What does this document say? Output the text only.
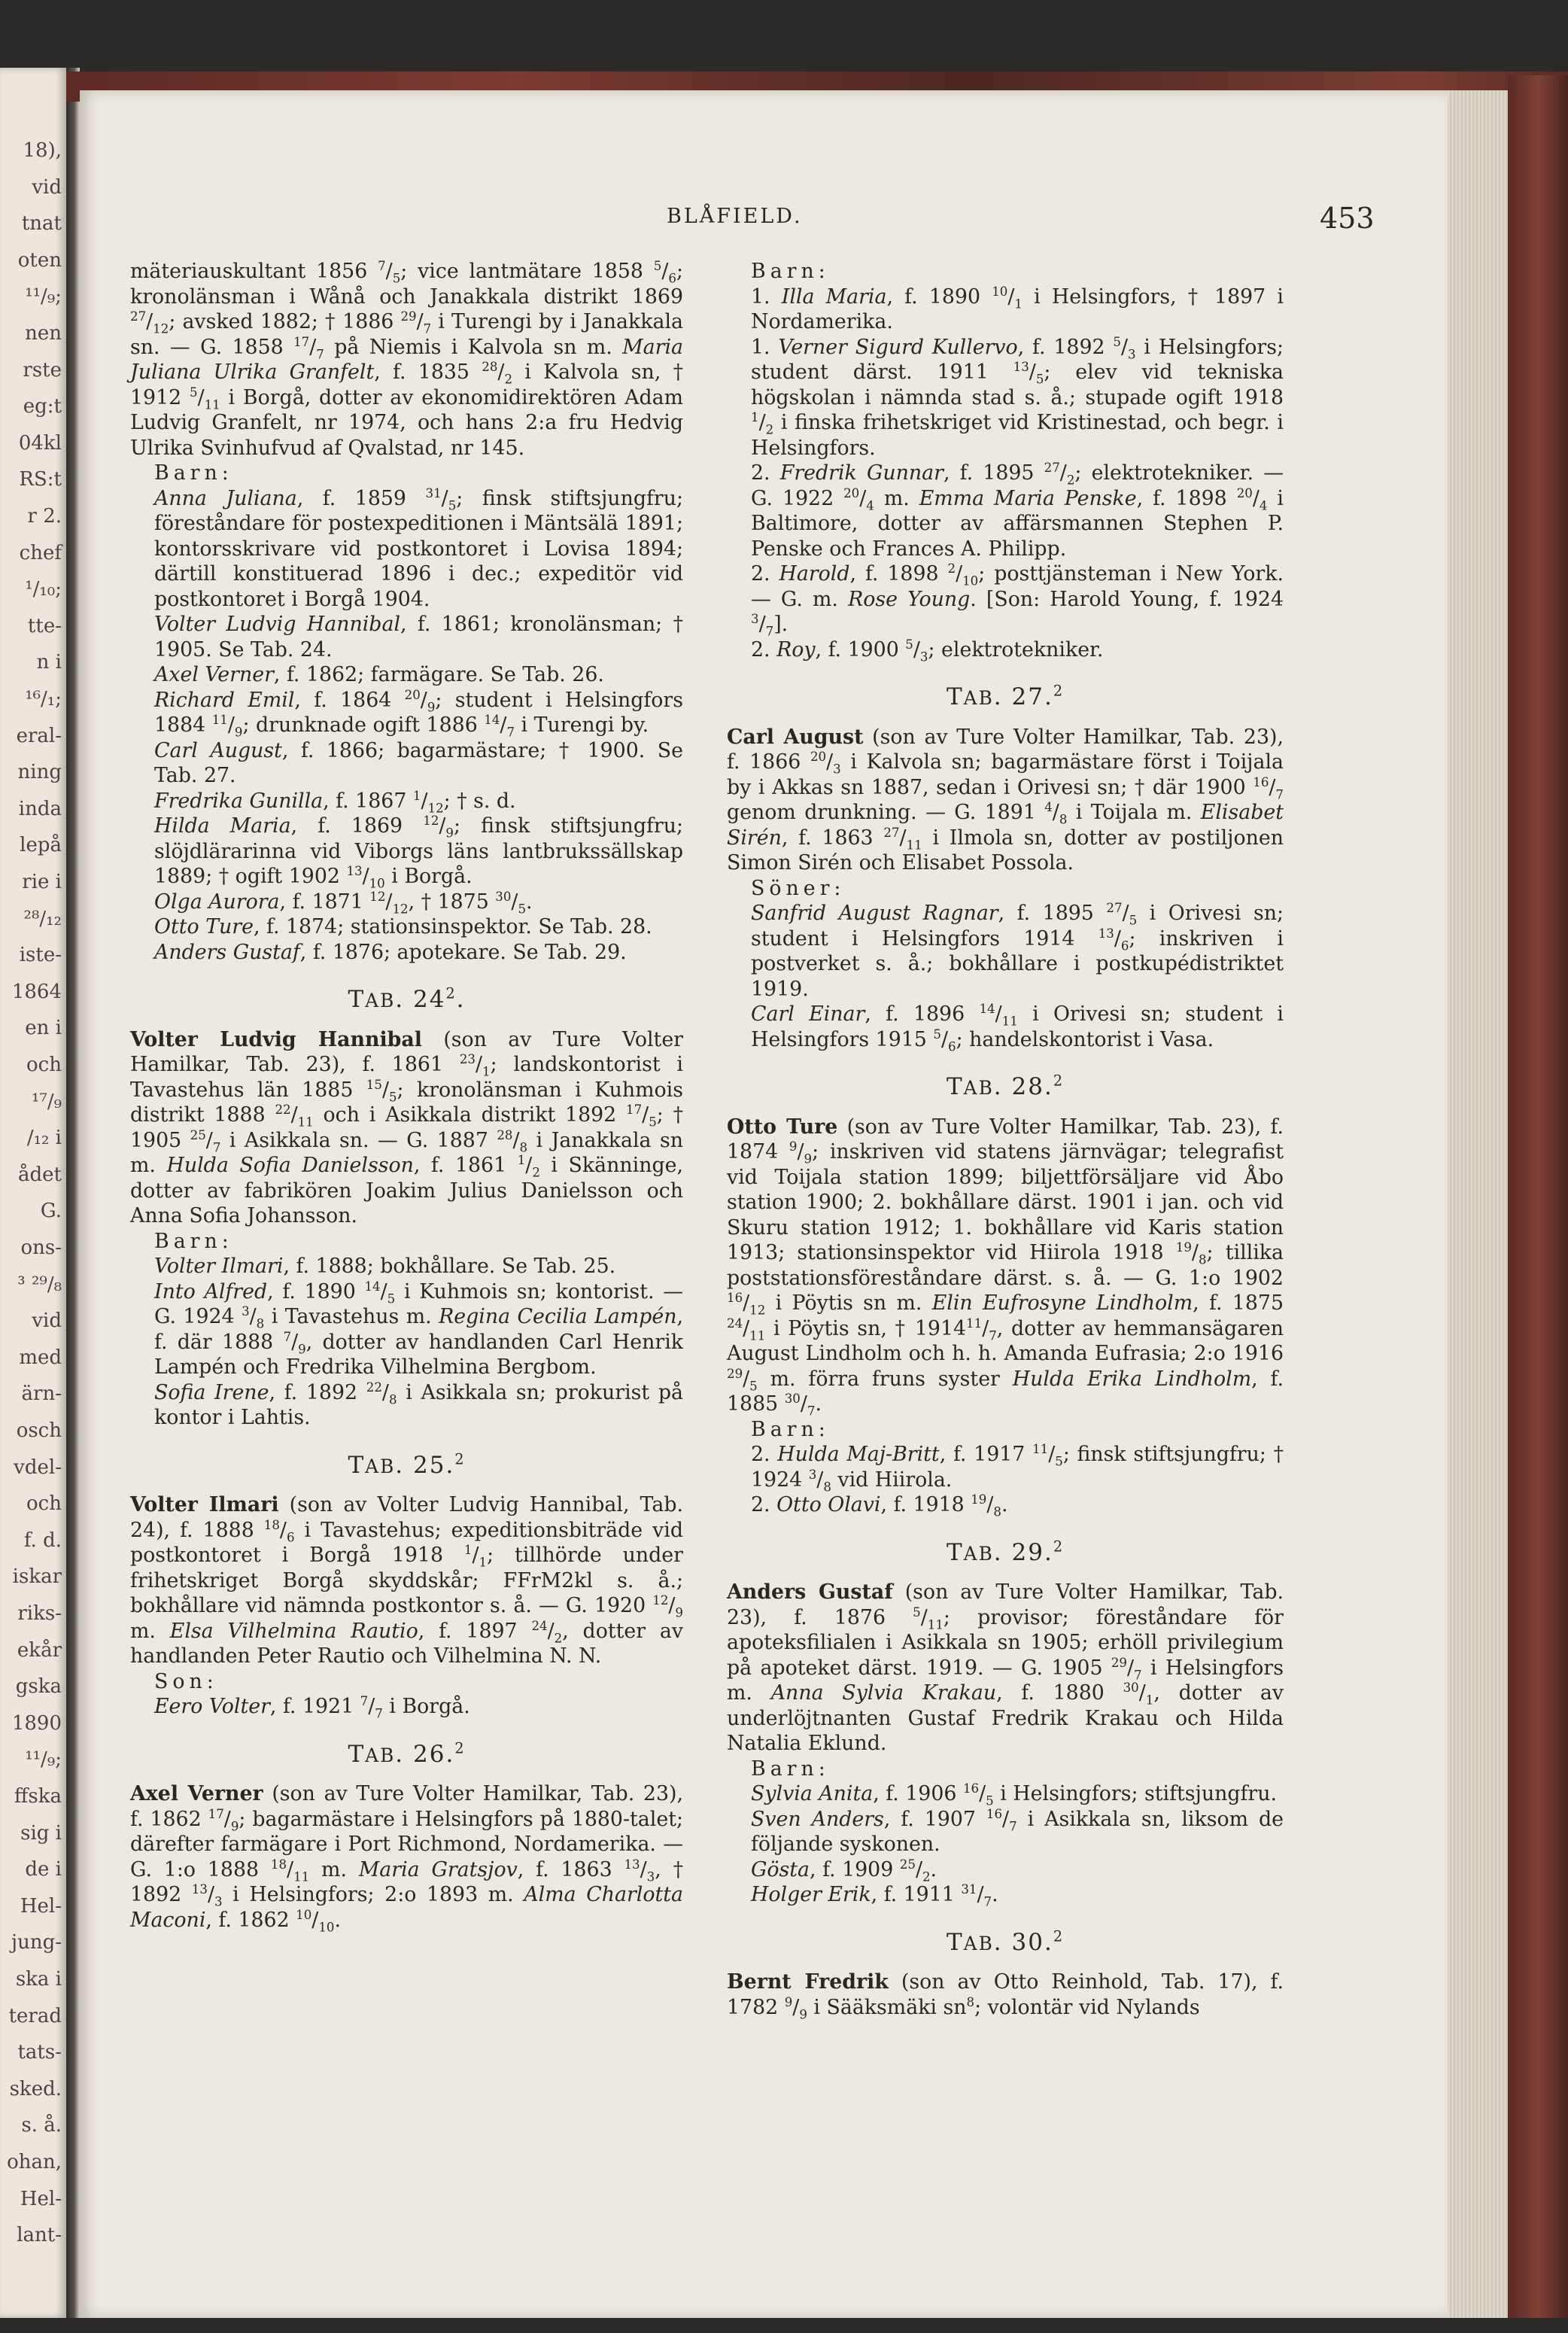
18),
vid
tnat
oten
¹¹/₉;
nen
rste
eg:t
04kl
RS:t
r 2.
chef
¹/₁₀;
tte-
n i
¹⁶/₁;
eral-
ning
inda
lepå
rie i
²⁸/₁₂
iste-
1864
en i
och
¹⁷/₉
/₁₂ i
ådet
G.
ons-
³ ²⁹/₈
vid
med
ärn-
osch
vdel-
och
f. d.
iskar
riks-
ekår
gska
1890
¹¹/₉;
ffska
sig i
de i
Hel-
jung-
ska i
terad
tats-
sked.
s. å.
ohan,
Hel-
lant-
BLÅFIELD.	453

mäteriauskultant 1856 $^7/_5$; vice lantmätare 1858 $^5/_6$; kronolänsman i Wånå och Janakkala distrikt 1869 $^{27}/_{12}$; avsked 1882; † 1886 $^{29}/_7$ i Turengi by i Janakkala sn. — G. 1858 $^{17}/_7$ på Niemis i Kalvola sn m. Maria Juliana Ulrika Granfelt, f. 1835 $^{28}/_2$ i Kalvola sn, † 1912 $^5/_{11}$ i Borgå, dotter av ekonomidirektören Adam Ludvig Granfelt, nr 1974, och hans 2:a fru Hedvig Ulrika Svinhufvud af Qvalstad, nr 145.

Barn:

Anna Juliana, f. 1859 $^{31}/_5$; finsk stiftsjungfru; föreståndare för postexpeditionen i Mäntsälä 1891; kontorsskrivare vid postkontoret i Lovisa 1894; därtill konstituerad 1896 i dec.; expeditör vid postkontoret i Borgå 1904.

Volter Ludvig Hannibal, f. 1861; kronolänsman; † 1905. Se Tab. 24.

Axel Verner, f. 1862; farmägare. Se Tab. 26.

Richard Emil, f. 1864 $^{20}/_9$; student i Helsingfors 1884 $^{11}/_9$; drunknade ogift 1886 $^{14}/_7$ i Turengi by.

Carl August, f. 1866; bagarmästare; † 1900. Se Tab. 27.

Fredrika Gunilla, f. 1867 $^1/_{12}$; † s. d.

Hilda Maria, f. 1869 $^{12}/_9$; finsk stiftsjungfru; slöjdlärarinna vid Viborgs läns lantbrukssällskap 1889; † ogift 1902 $^{13}/_{10}$ i Borgå.

Olga Aurora, f. 1871 $^{12}/_{12}$, † 1875 $^{30}/_5$.

Otto Ture, f. 1874; stationsinspektor. Se Tab. 28.

Anders Gustaf, f. 1876; apotekare. Se Tab. 29.

TAB. $24^2$.

Volter Ludvig Hannibal (son av Ture Volter Hamilkar, Tab. 23), f. 1861 $^{23}/_1$; landskontorist i Tavastehus län 1885 $^{15}/_5$; kronolänsman i Kuhmois distrikt 1888 $^{22}/_{11}$ och i Asikkala distrikt 1892 $^{17}/_5$; † 1905 $^{25}/_7$ i Asikkala sn. — G. 1887 $^{28}/_8$ i Janakkala sn m. Hulda Sofia Danielsson, f. 1861 $^1/_2$ i Skänninge, dotter av fabrikören Joakim Julius Danielsson och Anna Sofia Johansson.

Barn:

Volter Ilmari, f. 1888; bokhållare. Se Tab. 25.

Into Alfred, f. 1890 $^{14}/_5$ i Kuhmois sn; kontorist. — G. 1924 $^3/_8$ i Tavastehus m. Regina Cecilia Lampén, f. där 1888 $^7/_9$, dotter av handlanden Carl Henrik Lampén och Fredrika Vilhelmina Bergbom.

Sofia Irene, f. 1892 $^{22}/_8$ i Asikkala sn; prokurist på kontor i Lahtis.

TAB. 25.$^2$

Volter Ilmari (son av Volter Ludvig Hannibal, Tab. 24), f. 1888 $^{18}/_6$ i Tavastehus; expeditionsbiträde vid postkontoret i Borgå 1918 $^1/_1$; tillhörde under frihetskriget Borgå skyddskår; FFrM2kl s. å.; bokhållare vid nämnda postkontor s. å. — G. 1920 $^{12}/_9$ m. Elsa Vilhelmina Rautio, f. 1897 $^{24}/_2$, dotter av handlanden Peter Rautio och Vilhelmina N. N.

Son:

Eero Volter, f. 1921 $^7/_7$ i Borgå.

TAB. 26.$^2$

Axel Verner (son av Ture Volter Hamilkar, Tab. 23), f. 1862 $^{17}/_9$; bagarmästare i Helsingfors på 1880-talet; därefter farmägare i Port Richmond, Nordamerika. — G. 1:o 1888 $^{18}/_{11}$ m. Maria Gratsjov, f. 1863 $^{13}/_3$, † 1892 $^{13}/_3$ i Helsingfors; 2:o 1893 m. Alma Charlotta Maconi, f. 1862 $^{10}/_{10}$.

Barn:

1. Illa Maria, f. 1890 $^{10}/_1$ i Helsingfors, † 1897 i Nordamerika.

1. Verner Sigurd Kullervo, f. 1892 $^5/_3$ i Helsingfors; student därst. 1911 $^{13}/_5$; elev vid tekniska högskolan i nämnda stad s. å.; stupade ogift 1918 $^1/_2$ i finska frihetskriget vid Kristinestad, och begr. i Helsingfors.

2. Fredrik Gunnar, f. 1895 $^{27}/_2$; elektrotekniker. — G. 1922 $^{20}/_4$ m. Emma Maria Penske, f. 1898 $^{20}/_4$ i Baltimore, dotter av affärsmannen Stephen P. Penske och Frances A. Philipp.

2. Harold, f. 1898 $^2/_{10}$; posttjänsteman i New York. — G. m. Rose Young. [Son: Harold Young, f. 1924 $^3/_7$].

2. Roy, f. 1900 $^5/_3$; elektrotekniker.

TAB. 27.$^2$

Carl August (son av Ture Volter Hamilkar, Tab. 23), f. 1866 $^{20}/_3$ i Kalvola sn; bagarmästare först i Toijala by i Akkas sn 1887, sedan i Orivesi sn; † där 1900 $^{16}/_7$ genom drunkning. — G. 1891 $^4/_8$ i Toijala m. Elisabet Sirén, f. 1863 $^{27}/_{11}$ i Ilmola sn, dotter av postiljonen Simon Sirén och Elisabet Possola.

Söner:

Sanfrid August Ragnar, f. 1895 $^{27}/_5$ i Orivesi sn; student i Helsingfors 1914 $^{13}/_6$; inskriven i postverket s. å.; bokhållare i postkupédistriktet 1919.

Carl Einar, f. 1896 $^{14}/_{11}$ i Orivesi sn; student i Helsingfors 1915 $^5/_6$; handelskontorist i Vasa.

TAB. 28.$^2$

Otto Ture (son av Ture Volter Hamilkar, Tab. 23), f. 1874 $^9/_9$; inskriven vid statens järnvägar; telegrafist vid Toijala station 1899; biljettförsäljare vid Åbo station 1900; 2. bokhållare därst. 1901 i jan. och vid Skuru station 1912; 1. bokhållare vid Karis station 1913; stationsinspektor vid Hiirola 1918 $^{19}/_8$; tillika poststationsföreståndare därst. s. å. — G. 1:o 1902 $^{16}/_{12}$ i Pöytis sn m. Elin Eufrosyne Lindholm, f. 1875 $^{24}/_{11}$ i Pöytis sn, † $1914^{11}/_7$, dotter av hemmansägaren August Lindholm och h. h. Amanda Eufrasia; 2:o 1916 $^{29}/_5$ m. förra fruns syster Hulda Erika Lindholm, f. 1885 $^{30}/_7$.

Barn:

2. Hulda Maj-Britt, f. 1917 $^{11}/_5$; finsk stiftsjungfru; † 1924 $^3/_8$ vid Hiirola.

2. Otto Olavi, f. 1918 $^{19}/_8$.

TAB. 29.$^2$

Anders Gustaf (son av Ture Volter Hamilkar, Tab. 23), f. 1876 $^5/_{11}$; provisor; föreståndare för apoteksfilialen i Asikkala sn 1905; erhöll privilegium på apoteket därst. 1919. — G. 1905 $^{29}/_7$ i Helsingfors m. Anna Sylvia Krakau, f. 1880 $^{30}/_1$, dotter av underlöjtnanten Gustaf Fredrik Krakau och Hilda Natalia Eklund.

Barn:

Sylvia Anita, f. 1906 $^{16}/_5$ i Helsingfors; stiftsjungfru.

Sven Anders, f. 1907 $^{16}/_7$ i Asikkala sn, liksom de följande syskonen.

Gösta, f. 1909 $^{25}/_2$.

Holger Erik, f. 1911 $^{31}/_7$.

TAB. 30.$^2$

Bernt Fredrik (son av Otto Reinhold, Tab. 17), f. 1782 $^9/_9$ i Sääksmäki $sn^8$; volontär vid Nylands
